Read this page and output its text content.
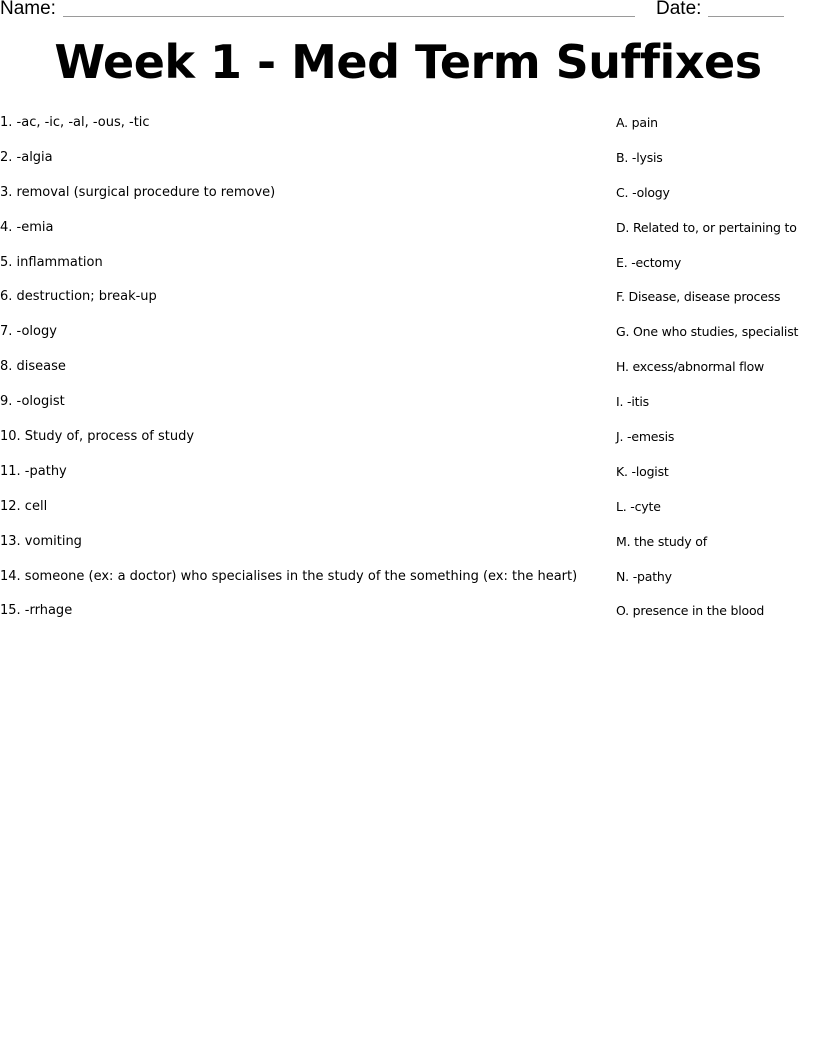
Name:	Date:
Week 1 - Med Term Suffixes
1. -ac, -ic, -al, -ous, -tic
2. -algia
3. removal (surgical procedure to remove)
4. -emia
5. inflammation
6. destruction; break-up
7. -ology
8. disease
9. -ologist
10. Study of, process of study
11. -pathy
12. cell
13. vomiting
14. someone (ex: a doctor) who specialises in the study of the something (ex: the heart)
15. -rrhage
A. pain
B. -lysis
C. -ology
D. Related to, or pertaining to
E. -ectomy
F. Disease, disease process
G. One who studies, specialist
H. excess/abnormal flow
I. -itis
J. -emesis
K. -logist
L. -cyte
M. the study of
N. -pathy
O. presence in the blood
